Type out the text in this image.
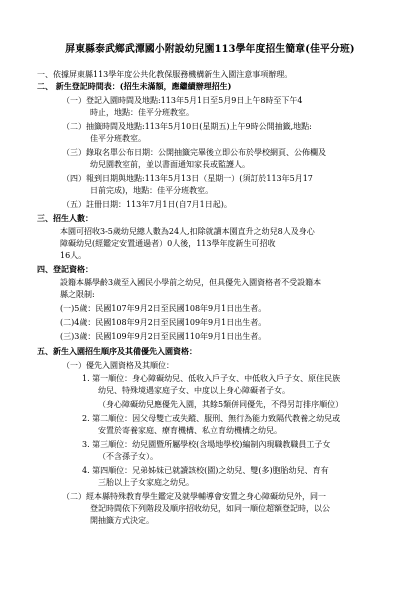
屏東縣泰武鄉武潭國小附設幼兒園113學年度招生簡章(佳平分班)
一、依據屏東縣113學年度公共化教保服務機構新生入園注意事項辦理。
二、 新生登記時間表：(招生未滿額，應繼續辦理招生)
（一）登記入園時間及地點:113年5月1日至5月9日上午8時至下午4
時止，地點：佳平分班教室。
（二）抽籤時間及地點:113年5月10日(星期五)上午9時公開抽籤,地點:
佳平分班教室。
（三）錄取名單公布日期：公開抽籤完畢後立即公布於學校網頁、公佈欄及
幼兒園教室前，並以書面通知家長或監護人。
（四）報到日期與地點:113年5月13日（星期一）(須訂於113年5月17
日前完成)，地點：佳平分班教室。
（五）註冊日期：113年7月1日(自7月1日起)。
三、招生人數：
本園可招收3-5歲幼兒總人數為24人,扣除就讀本園直升之幼兒8人及身心
障礙幼兒(經鑑定安置通過者）0人後，113學年度新生可招收
16人。
四、登記資格：
設籍本縣學齡3歲至入國民小學前之幼兒，但具優先入園資格者不受設籍本
縣之限制:
(一)5歲：民國107年9月2日至民國108年9月1日出生者。
(二)4歲：民國108年9月2日至民國109年9月1日出生者。
(三)3歲：民國109年9月2日至民國110年9月1日出生者。
五、新生入園招生順序及其備優先入園資格：
（一）優先入園資格及其順位：
1. 第一順位：身心障礙幼兒、低收入戶子女、中低收入戶子女、原住民族
幼兒、特殊境遇家庭子女、中度以上身心障礙者子女。
（身心障礙幼兒應優先入園，其餘5類併同優先，不得另訂排序順位）
2. 第二順位：因父母雙亡或失蹤、服刑、無行為能力致隔代教養之幼兒或
安置於寄養家庭、療育機構、私立育幼機構之幼兒。
3. 第三順位：幼兒園暨所屬學校(含場地學校)編制內現職教職員工子女
（不含孫子女）。
4. 第四順位：兄弟姊妹已就讀該校(園)之幼兒、雙(多)胞胎幼兒、育有
三胎以上子女家庭之幼兒。
（二）經本縣特殊教育學生鑑定及就學輔導會安置之身心障礙幼兒外，同一
登記時間依下列階段及順序招收幼兒，如同一順位超額登記時，以公
開抽籤方式決定。
